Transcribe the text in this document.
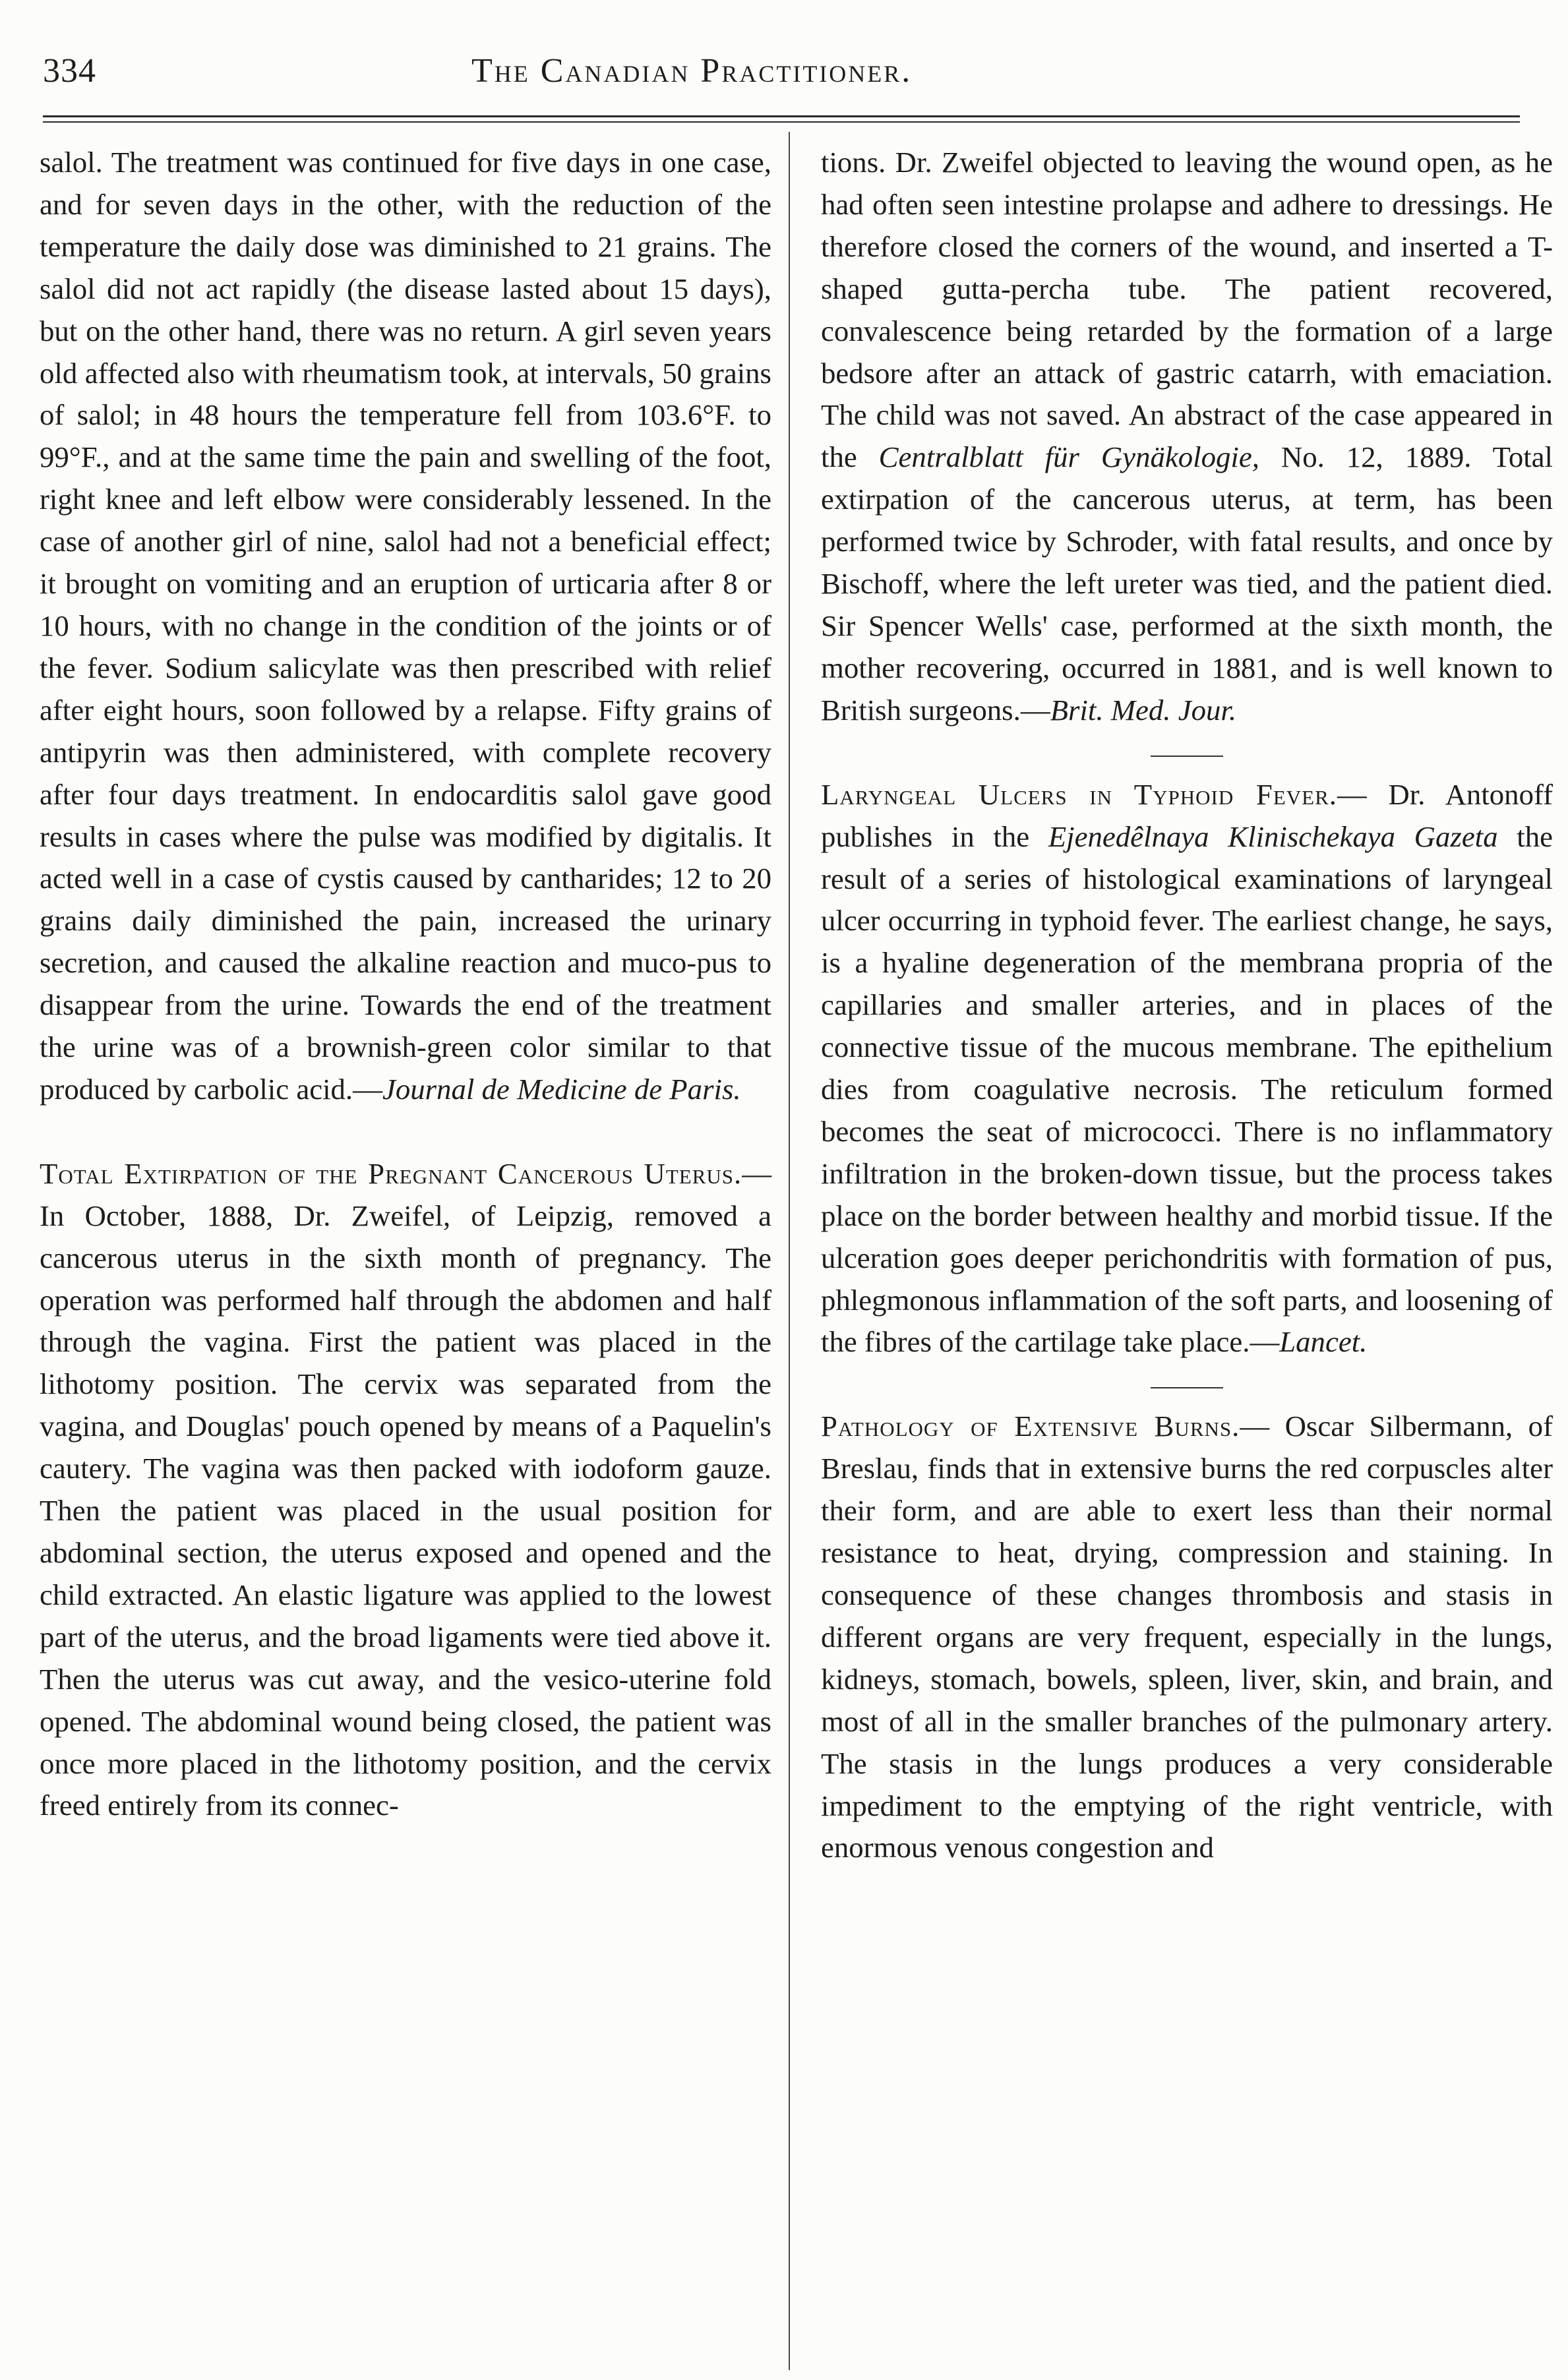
334	The Canadian Practitioner.

salol. The treatment was continued for five days in one case, and for seven days in the other, with the reduction of the temperature the daily dose was diminished to 21 grains. The salol did not act rapidly (the disease lasted about 15 days), but on the other hand, there was no return. A girl seven years old affected also with rheumatism took, at intervals, 50 grains of salol; in 48 hours the temperature fell from 103.6°F. to 99°F., and at the same time the pain and swelling of the foot, right knee and left elbow were considerably lessened. In the case of another girl of nine, salol had not a beneficial effect; it brought on vomiting and an eruption of urticaria after 8 or 10 hours, with no change in the condition of the joints or of the fever. Sodium salicylate was then prescribed with relief after eight hours, soon followed by a relapse. Fifty grains of antipyrin was then administered, with complete recovery after four days treatment. In endocarditis salol gave good results in cases where the pulse was modified by digitalis. It acted well in a case of cystis caused by cantharides; 12 to 20 grains daily diminished the pain, increased the urinary secretion, and caused the alkaline reaction and muco-pus to disappear from the urine. Towards the end of the treatment the urine was of a brownish-green color similar to that produced by carbolic acid.—Journal de Medicine de Paris.

Total Extirpation of the Pregnant Cancerous Uterus.—In October, 1888, Dr. Zweifel, of Leipzig, removed a cancerous uterus in the sixth month of pregnancy. The operation was performed half through the abdomen and half through the vagina. First the patient was placed in the lithotomy position. The cervix was separated from the vagina, and Douglas' pouch opened by means of a Paquelin's cautery. The vagina was then packed with iodoform gauze. Then the patient was placed in the usual position for abdominal section, the uterus exposed and opened and the child extracted. An elastic ligature was applied to the lowest part of the uterus, and the broad ligaments were tied above it. Then the uterus was cut away, and the vesico-uterine fold opened. The abdominal wound being closed, the patient was once more placed in the lithotomy position, and the cervix freed entirely from its connec-

tions. Dr. Zweifel objected to leaving the wound open, as he had often seen intestine prolapse and adhere to dressings. He therefore closed the corners of the wound, and inserted a T-shaped gutta-percha tube. The patient recovered, convalescence being retarded by the formation of a large bedsore after an attack of gastric catarrh, with emaciation. The child was not saved. An abstract of the case appeared in the Centralblatt für Gynäkologie, No. 12, 1889. Total extirpation of the cancerous uterus, at term, has been performed twice by Schroder, with fatal results, and once by Bischoff, where the left ureter was tied, and the patient died. Sir Spencer Wells' case, performed at the sixth month, the mother recovering, occurred in 1881, and is well known to British surgeons.—Brit. Med. Jour.

Laryngeal Ulcers in Typhoid Fever.— Dr. Antonoff publishes in the Ejenedêlnaya Klinischekaya Gazeta the result of a series of histological examinations of laryngeal ulcer occurring in typhoid fever. The earliest change, he says, is a hyaline degeneration of the membrana propria of the capillaries and smaller arteries, and in places of the connective tissue of the mucous membrane. The epithelium dies from coagulative necrosis. The reticulum formed becomes the seat of micrococci. There is no inflammatory infiltration in the broken-down tissue, but the process takes place on the border between healthy and morbid tissue. If the ulceration goes deeper perichondritis with formation of pus, phlegmonous inflammation of the soft parts, and loosening of the fibres of the cartilage take place.—Lancet.

Pathology of Extensive Burns.— Oscar Silbermann, of Breslau, finds that in extensive burns the red corpuscles alter their form, and are able to exert less than their normal resistance to heat, drying, compression and staining. In consequence of these changes thrombosis and stasis in different organs are very frequent, especially in the lungs, kidneys, stomach, bowels, spleen, liver, skin, and brain, and most of all in the smaller branches of the pulmonary artery. The stasis in the lungs produces a very considerable impediment to the emptying of the right ventricle, with enormous venous congestion and
